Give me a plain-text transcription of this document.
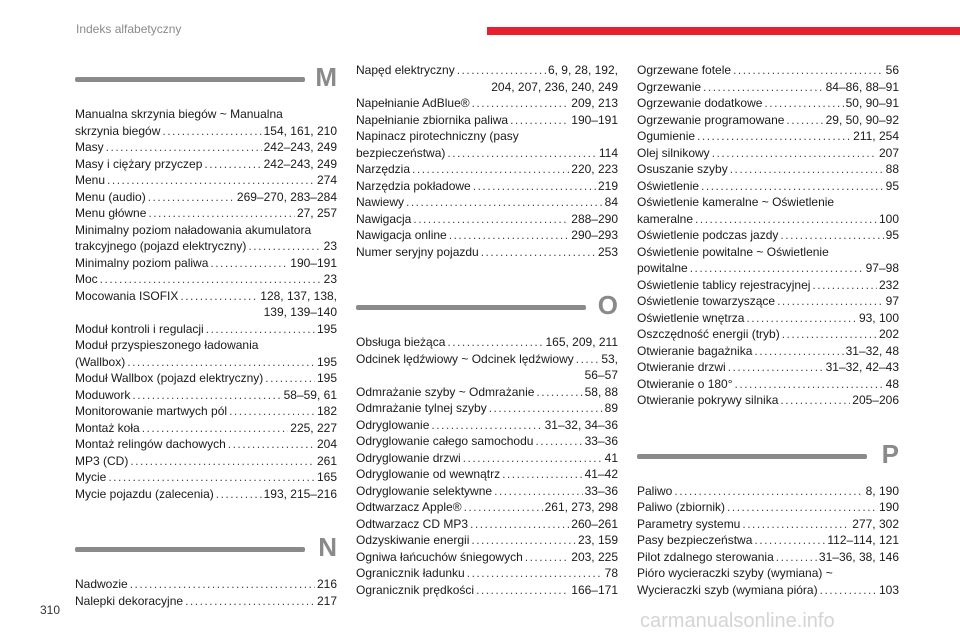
Indeks alfabetyczny
M
Manualna skrzynia biegów ~ Manualna
skrzynia biegów .....	154, 161, 210
Masy .....	242–243, 249
Masy i ciężary przyczep .....	242–243, 249
Menu .....	274
Menu (audio) .....	269–270, 283–284
Menu główne .....	27, 257
Minimalny poziom naładowania akumulatora
trakcyjnego (pojazd elektryczny) .....	23
Minimalny poziom paliwa .....	190–191
Moc .....	23
Mocowania ISOFIX .....	128, 137, 138,
139, 139–140
Moduł kontroli i regulacji .....	195
Moduł przyspieszonego ładowania
(Wallbox) .....	195
Moduł Wallbox (pojazd elektryczny) .....	195
Moduwork .....	58–59, 61
Monitorowanie martwych pól .....	182
Montaż koła .....	225, 227
Montaż relingów dachowych .....	204
MP3 (CD) .....	261
Mycie .....	165
Mycie pojazdu (zalecenia) .....	193, 215–216
N
Nadwozie .....	216
Nalepki dekoracyjne .....	217
Napęd elektryczny .....	6, 9, 28, 192,
204, 207, 236, 240, 249
Napełnianie AdBlue® .....	209, 213
Napełnianie zbiornika paliwa .....	190–191
Napinacz pirotechniczny (pasy
bezpieczeństwa) .....	114
Narzędzia .....	220, 223
Narzędzia pokładowe .....	219
Nawiewy .....	84
Nawigacja .....	288–290
Nawigacja online .....	290–293
Numer seryjny pojazdu .....	253
O
Obsługa bieżąca .....	165, 209, 211
Odcinek lędźwiowy ~ Odcinek lędźwiowy ..... 53,
56–57
Odmrażanie szyby ~ Odmrażanie .....	58, 88
Odmrażanie tylnej szyby .....	89
Odryglowanie .....	31–32, 34–36
Odryglowanie całego samochodu .....	33–36
Odryglowanie drzwi .....	41
Odryglowanie od wewnątrz .....	41–42
Odryglowanie selektywne .....	33–36
Odtwarzacz Apple® .....	261, 273, 298
Odtwarzacz CD MP3 .....	260–261
Odzyskiwanie energii .....	23, 159
Ogniwa łańcuchów śniegowych .....	203, 225
Ogranicznik ładunku .....	78
Ogranicznik prędkości .....	166–171
Ogrzewane fotele .....	56
Ogrzewanie .....	84–86, 88–91
Ogrzewanie dodatkowe .....	50, 90–91
Ogrzewanie programowane .....	29, 50, 90–92
Ogumienie .....	211, 254
Olej silnikowy .....	207
Osuszanie szyby .....	88
Oświetlenie .....	95
Oświetlenie kameralne ~ Oświetlenie
kameralne .....	100
Oświetlenie podczas jazdy .....	95
Oświetlenie powitalne ~ Oświetlenie
powitalne .....	97–98
Oświetlenie tablicy rejestracyjnej .....	232
Oświetlenie towarzyszące .....	97
Oświetlenie wnętrza .....	93, 100
Oszczędność energii (tryb) .....	202
Otwieranie bagażnika .....	31–32, 48
Otwieranie drzwi .....	31–32, 42–43
Otwieranie o 180° .....	48
Otwieranie pokrywy silnika .....	205–206
P
Paliwo .....	8, 190
Paliwo (zbiornik) .....	190
Parametry systemu .....	277, 302
Pasy bezpieczeństwa .....	112–114, 121
Pilot zdalnego sterowania .....	31–36, 38, 146
Pióro wycieraczki szyby (wymiana) ~
Wycieraczki szyb (wymiana pióra) .....	103
310	carmanualsonline.info
